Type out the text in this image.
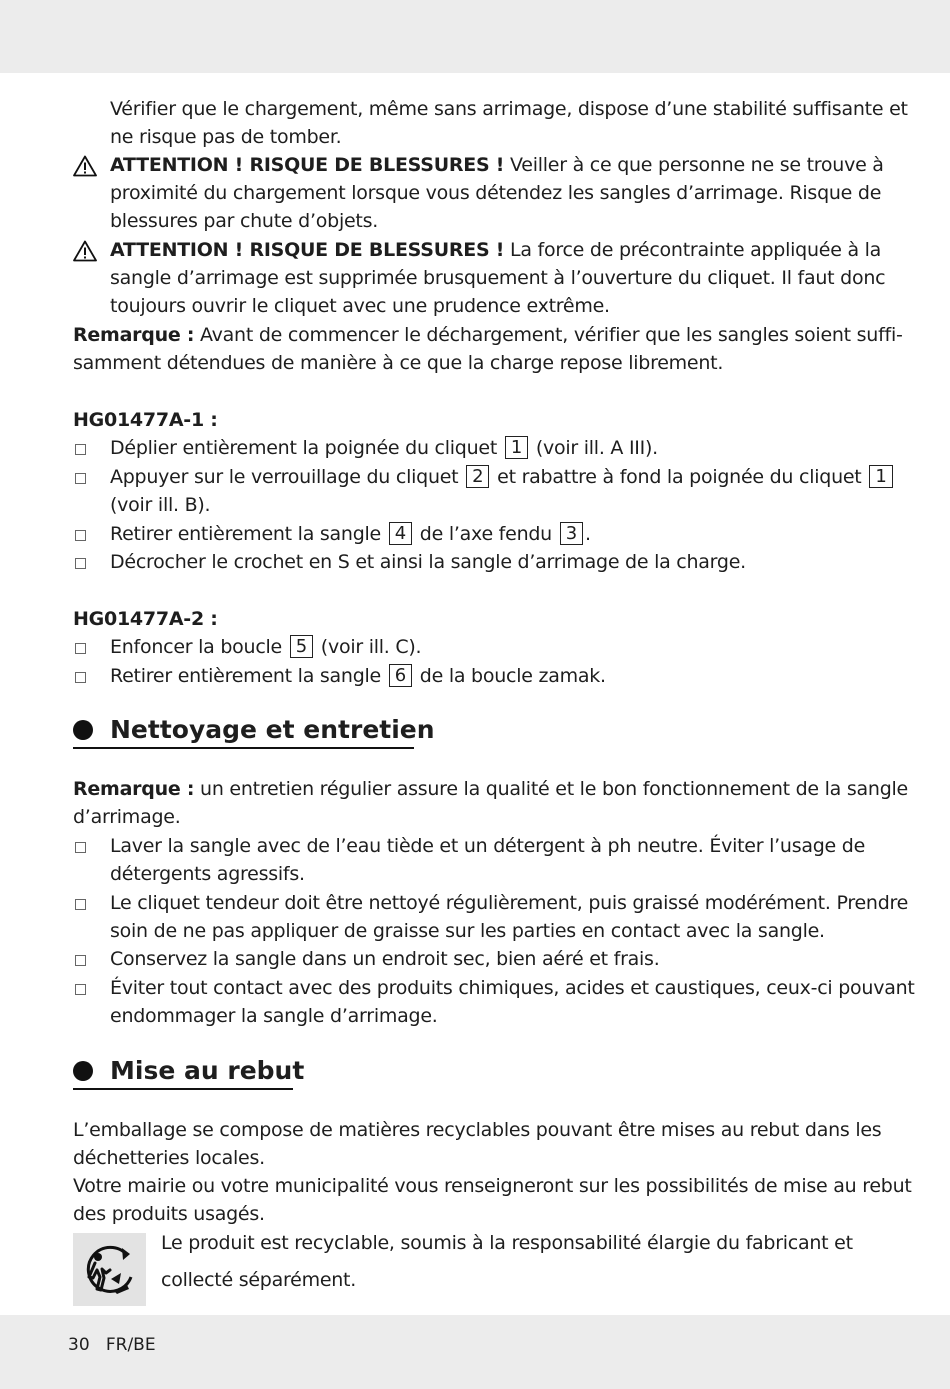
Vérifier que le chargement, même sans arrimage, dispose d’une stabilité suffisante et
ne risque pas de tomber.
ATTENTION ! RISQUE DE BLESSURES ! Veiller à ce que personne ne se trouve à
proximité du chargement lorsque vous détendez les sangles d’arrimage. Risque de
blessures par chute d’objets.
ATTENTION ! RISQUE DE BLESSURES ! La force de précontrainte appliquée à la
sangle d’arrimage est supprimée brusquement à l’ouverture du cliquet. Il faut donc
toujours ouvrir le cliquet avec une prudence extrême.
Remarque : Avant de commencer le déchargement, vérifier que les sangles soient suffi-
samment détendues de manière à ce que la charge repose librement.
HG01477A-1 :
Déplier entièrement la poignée du cliquet 1 (voir ill. A III).
Appuyer sur le verrouillage du cliquet 2 et rabattre à fond la poignée du cliquet 1
(voir ill. B).
Retirer entièrement la sangle 4 de l’axe fendu 3 .
Décrocher le crochet en S et ainsi la sangle d’arrimage de la charge.
HG01477A-2 :
Enfoncer la boucle 5 (voir ill. C).
Retirer entièrement la sangle 6 de la boucle zamak.
Nettoyage et entretien
Remarque : un entretien régulier assure la qualité et le bon fonctionnement de la sangle
d’arrimage.
Laver la sangle avec de l’eau tiède et un détergent à ph neutre. Éviter l’usage de
détergents agressifs.
Le cliquet tendeur doit être nettoyé régulièrement, puis graissé modérément. Prendre
soin de ne pas appliquer de graisse sur les parties en contact avec la sangle.
Conservez la sangle dans un endroit sec, bien aéré et frais.
Éviter tout contact avec des produits chimiques, acides et caustiques, ceux-ci pouvant
endommager la sangle d’arrimage.
Mise au rebut
L’emballage se compose de matières recyclables pouvant être mises au rebut dans les
déchetteries locales.
Votre mairie ou votre municipalité vous renseigneront sur les possibilités de mise au rebut
des produits usagés.
Le produit est recyclable, soumis à la responsabilité élargie du fabricant et
collecté séparément.
30 FR/BE
